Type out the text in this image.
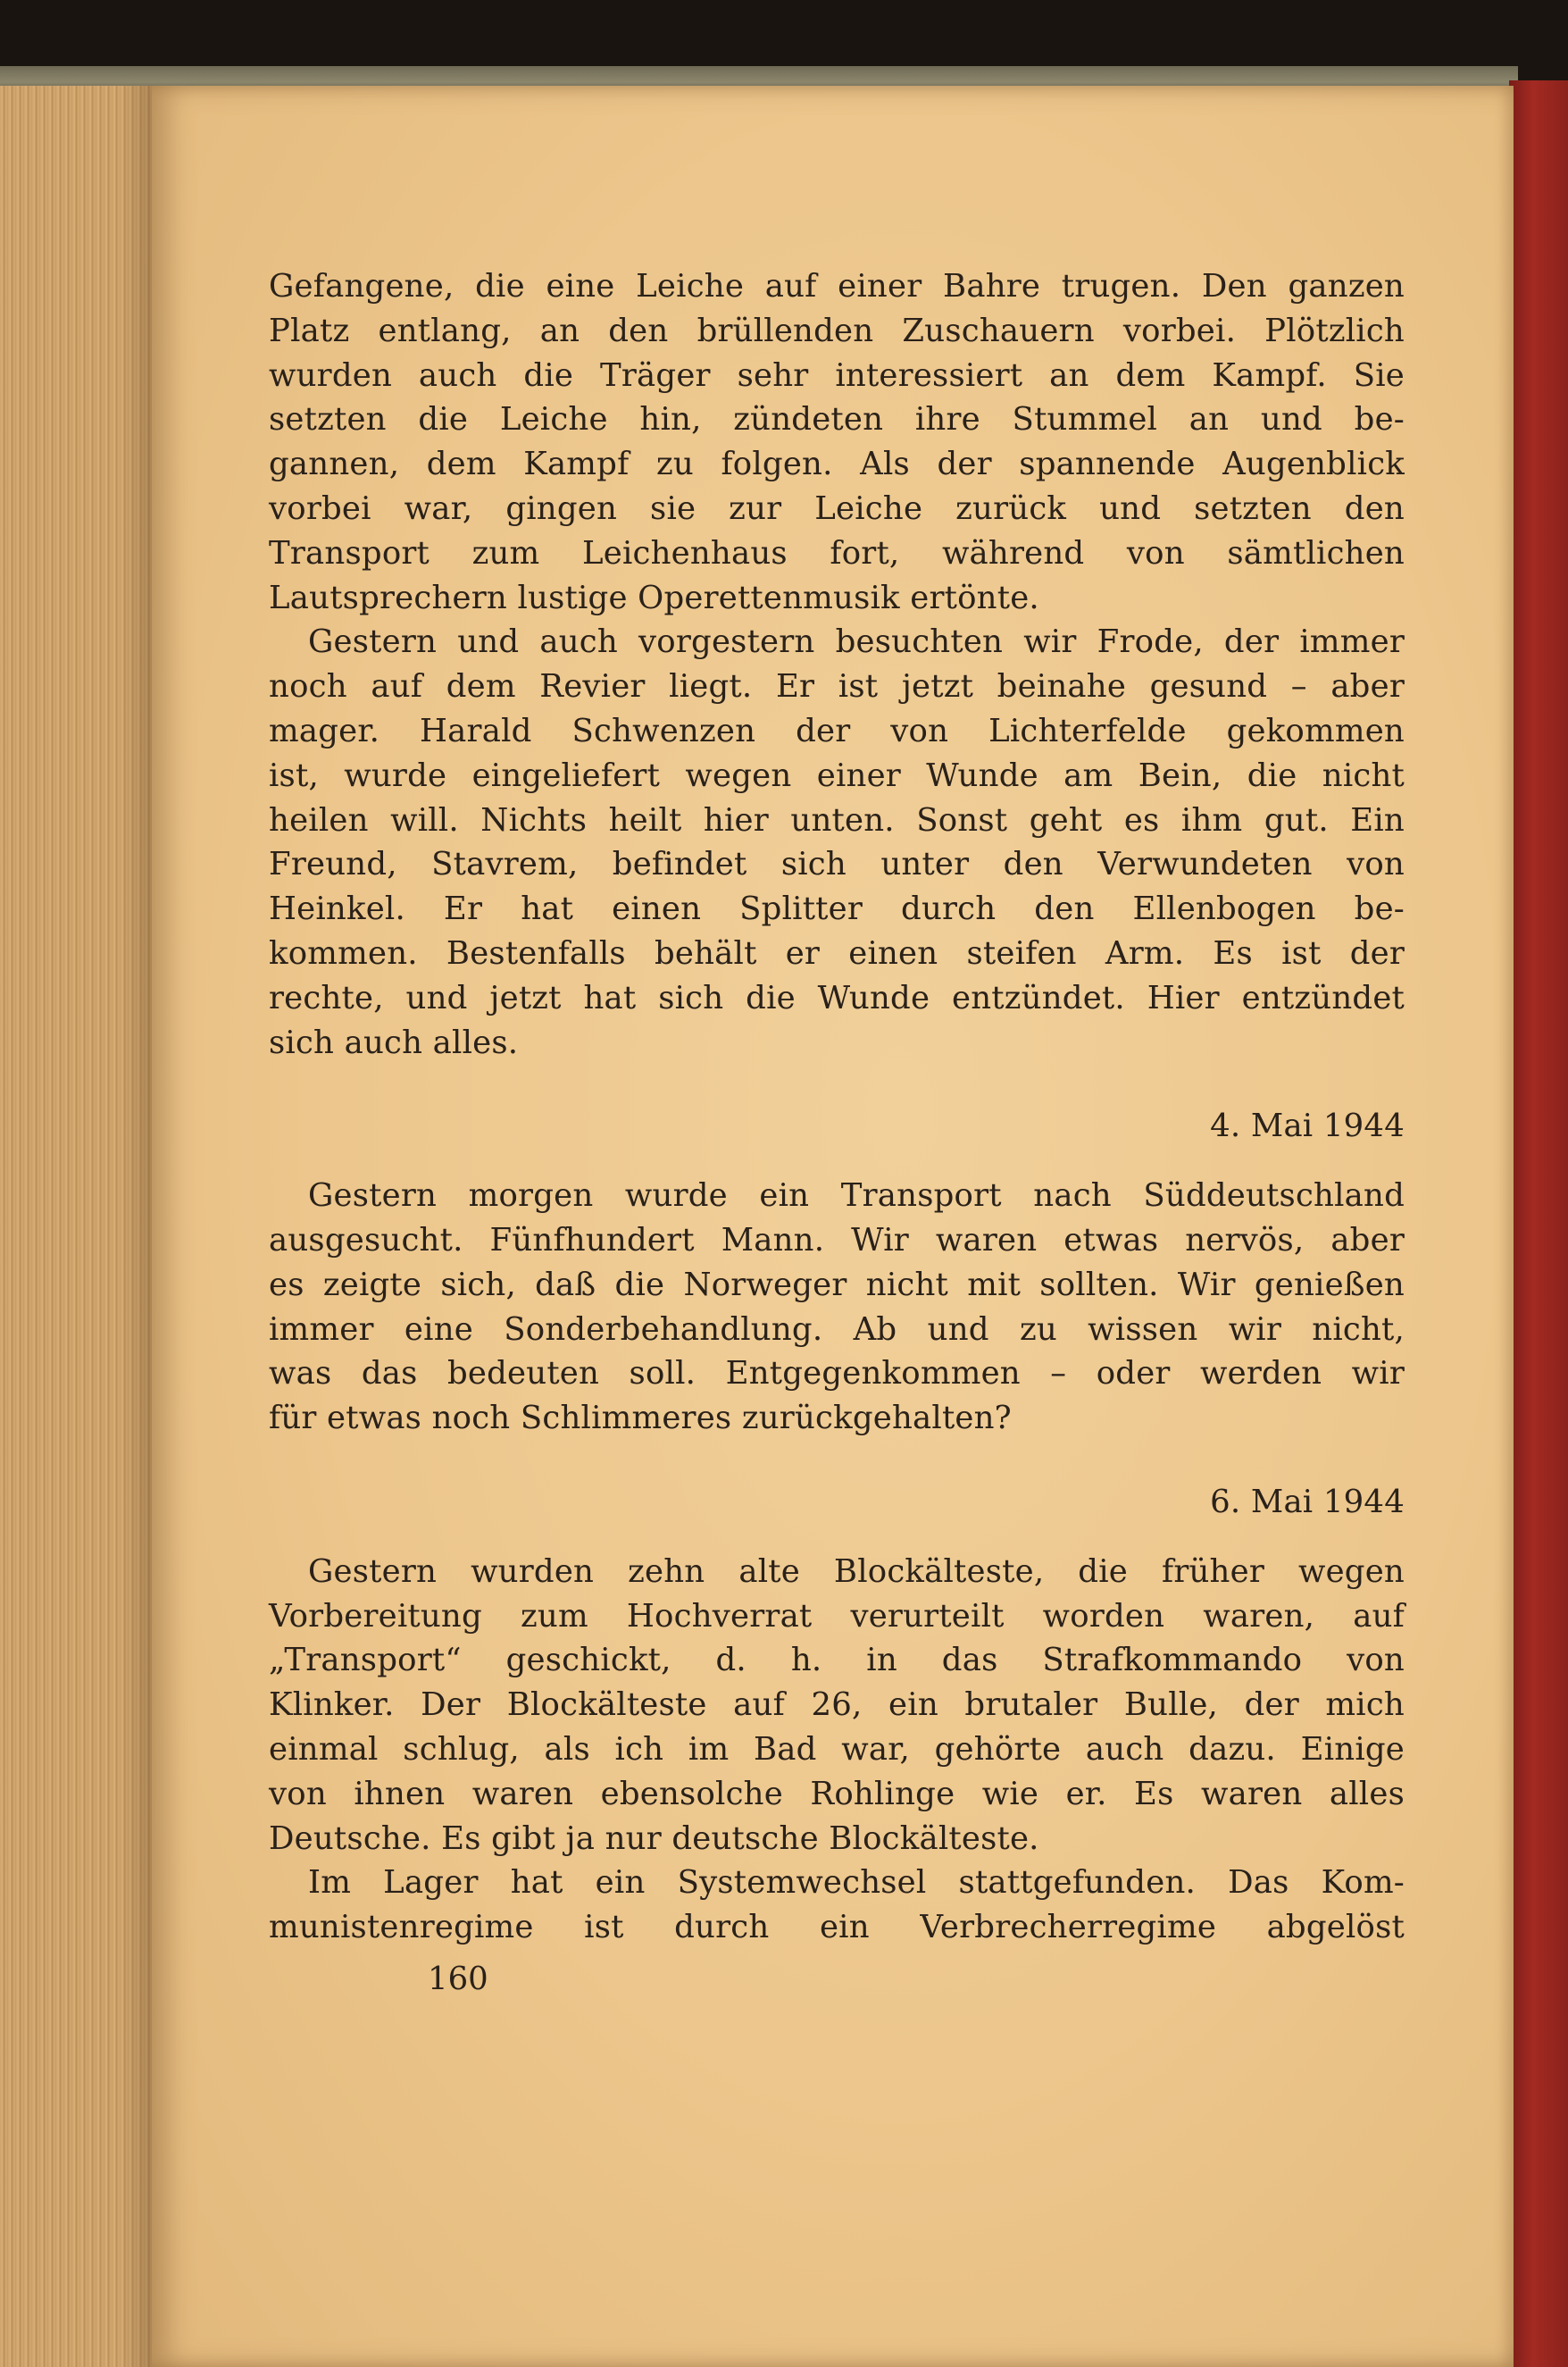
Gefangene, die eine Leiche auf einer Bahre trugen. Den ganzen
Platz entlang, an den brüllenden Zuschauern vorbei. Plötzlich
wurden auch die Träger sehr interessiert an dem Kampf. Sie
setzten die Leiche hin, zündeten ihre Stummel an und be-
gannen, dem Kampf zu folgen. Als der spannende Augenblick
vorbei war, gingen sie zur Leiche zurück und setzten den
Transport zum Leichenhaus fort, während von sämtlichen
Lautsprechern lustige Operettenmusik ertönte.

Gestern und auch vorgestern besuchten wir Frode, der immer
noch auf dem Revier liegt. Er ist jetzt beinahe gesund – aber
mager. Harald Schwenzen der von Lichterfelde gekommen
ist, wurde eingeliefert wegen einer Wunde am Bein, die nicht
heilen will. Nichts heilt hier unten. Sonst geht es ihm gut. Ein
Freund, Stavrem, befindet sich unter den Verwundeten von
Heinkel. Er hat einen Splitter durch den Ellenbogen be-
kommen. Bestenfalls behält er einen steifen Arm. Es ist der
rechte, und jetzt hat sich die Wunde entzündet. Hier entzündet
sich auch alles.

4. Mai 1944

Gestern morgen wurde ein Transport nach Süddeutschland
ausgesucht. Fünfhundert Mann. Wir waren etwas nervös, aber
es zeigte sich, daß die Norweger nicht mit sollten. Wir genießen
immer eine Sonderbehandlung. Ab und zu wissen wir nicht,
was das bedeuten soll. Entgegenkommen – oder werden wir
für etwas noch Schlimmeres zurückgehalten?

6. Mai 1944

Gestern wurden zehn alte Blockälteste, die früher wegen
Vorbereitung zum Hochverrat verurteilt worden waren, auf
„Transport“ geschickt, d. h. in das Strafkommando von
Klinker. Der Blockälteste auf 26, ein brutaler Bulle, der mich
einmal schlug, als ich im Bad war, gehörte auch dazu. Einige
von ihnen waren ebensolche Rohlinge wie er. Es waren alles
Deutsche. Es gibt ja nur deutsche Blockälteste.

Im Lager hat ein Systemwechsel stattgefunden. Das Kom-
munistenregime ist durch ein Verbrecherregime abgelöst

160
